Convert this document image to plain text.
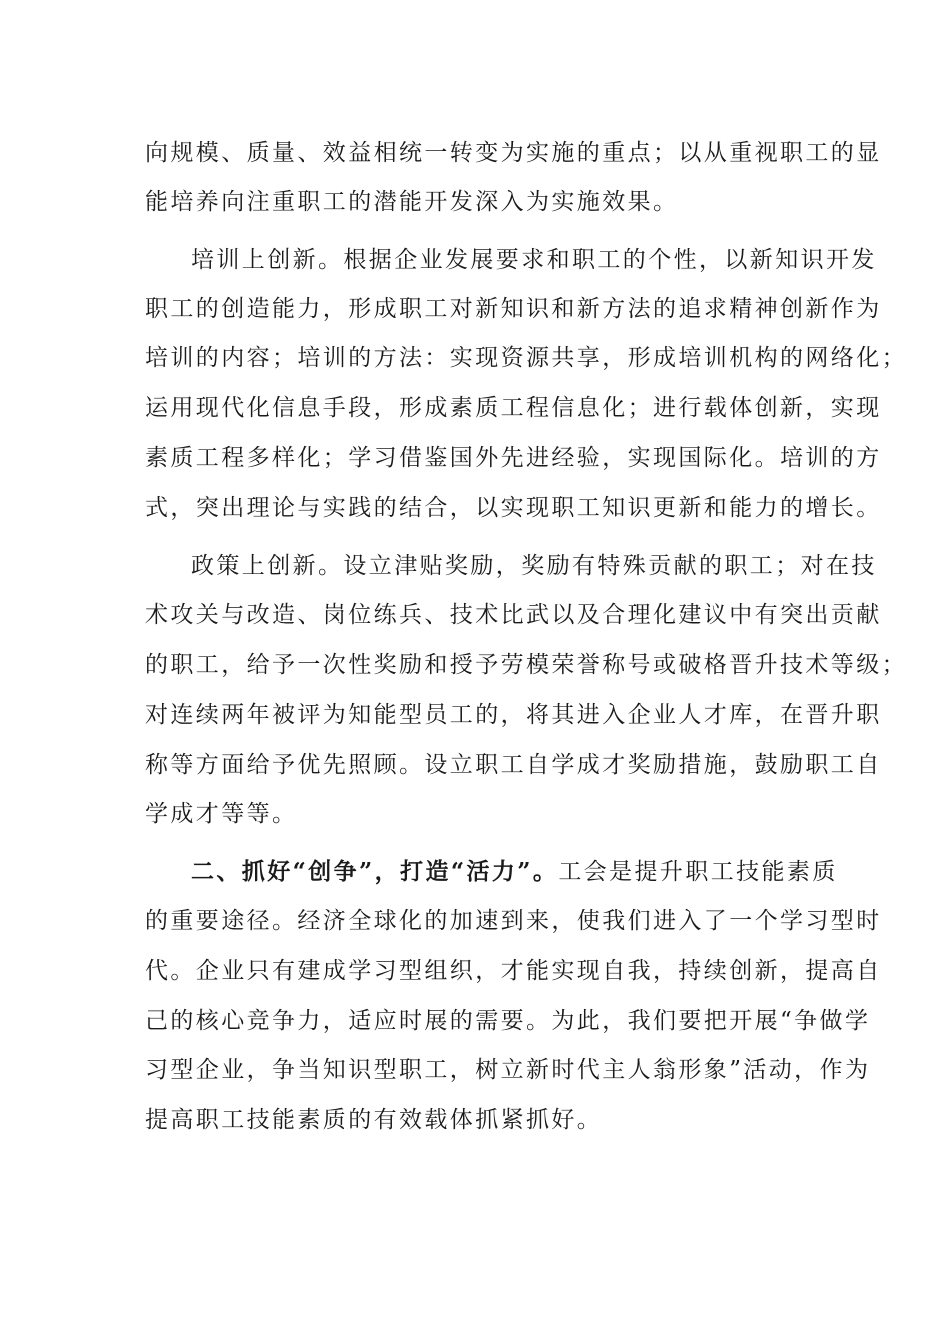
向规模、质量、效益相统一转变为实施的重点；以从重视职工的显
能培养向注重职工的潜能开发深入为实施效果。
培训上创新。根据企业发展要求和职工的个性，以新知识开发
职工的创造能力，形成职工对新知识和新方法的追求精神创新作为
培训的内容；培训的方法：实现资源共享，形成培训机构的网络化；
运用现代化信息手段，形成素质工程信息化；进行载体创新，实现
素质工程多样化；学习借鉴国外先进经验，实现国际化。培训的方
式，突出理论与实践的结合，以实现职工知识更新和能力的增长。
政策上创新。设立津贴奖励，奖励有特殊贡献的职工；对在技
术攻关与改造、岗位练兵、技术比武以及合理化建议中有突出贡献
的职工，给予一次性奖励和授予劳模荣誉称号或破格晋升技术等级；
对连续两年被评为知能型员工的，将其进入企业人才库，在晋升职
称等方面给予优先照顾。设立职工自学成才奖励措施，鼓励职工自
学成才等等。
二、抓好“创争”，打造“活力”。工会是提升职工技能素质
的重要途径。经济全球化的加速到来，使我们进入了一个学习型时
代。企业只有建成学习型组织，才能实现自我，持续创新，提高自
己的核心竞争力，适应时展的需要。为此，我们要把开展“争做学
习型企业，争当知识型职工，树立新时代主人翁形象”活动，作为
提高职工技能素质的有效载体抓紧抓好。
